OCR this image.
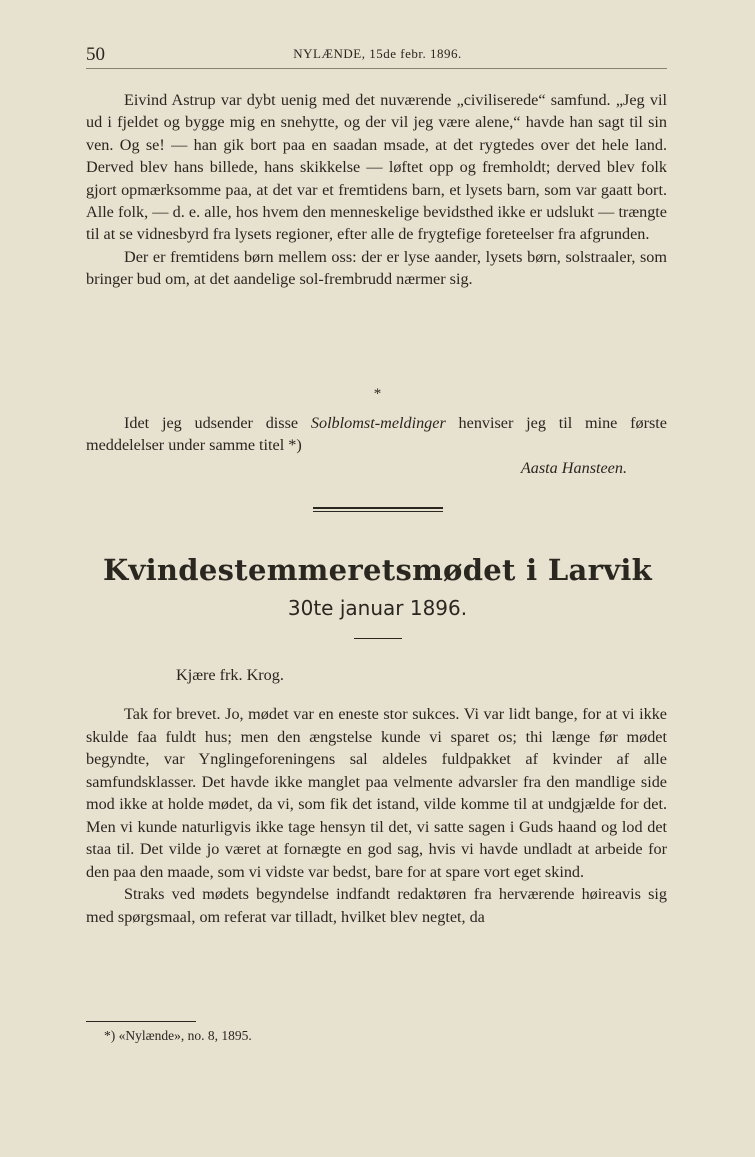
50	NYLÆNDE, 15de febr. 1896.

Eivind Astrup var dybt uenig med det nuværende „civiliserede“ samfund. „Jeg vil ud i fjeldet og bygge mig en snehytte, og der vil jeg være alene,“ havde han sagt til sin ven. Og se! — han gik bort paa en saadan msade, at det rygtedes over det hele land. Derved blev hans billede, hans skikkelse — løftet opp og fremholdt; derved blev folk gjort opmærksomme paa, at det var et fremtidens barn, et lysets barn, som var gaatt bort. Alle folk, — d. e. alle, hos hvem den menneskelige bevidsthed ikke er udslukt — trængte til at se vidnesbyrd fra lysets regioner, efter alle de frygtefige foreteelser fra afgrunden.

Der er fremtidens børn mellem oss: der er lyse aander, lysets børn, solstraaler, som bringer bud om, at det aandelige sol-frembrudd nærmer sig.

*

Idet jeg udsender disse Solblomst-meldinger henviser jeg til mine første meddelelser under samme titel *)

Aasta Hansteen.
Kvindestemmeretsmødet i Larvik
30te januar 1896.
Kjære frk. Krog.

Tak for brevet. Jo, mødet var en eneste stor sukces. Vi var lidt bange, for at vi ikke skulde faa fuldt hus; men den ængstelse kunde vi sparet os; thi længe før mødet begyndte, var Ynglingeforeningens sal aldeles fuldpakket af kvinder af alle samfundsklasser. Det havde ikke manglet paa velmente advarsler fra den mandlige side mod ikke at holde mødet, da vi, som fik det istand, vilde komme til at undgjælde for det. Men vi kunde naturligvis ikke tage hensyn til det, vi satte sagen i Guds haand og lod det staa til. Det vilde jo været at fornægte en god sag, hvis vi havde undladt at arbeide for den paa den maade, som vi vidste var bedst, bare for at spare vort eget skind.

Straks ved mødets begyndelse indfandt redaktøren fra herværende høireavis sig med spørgsmaal, om referat var tilladt, hvilket blev negtet, da

*) «Nylænde», no. 8, 1895.
